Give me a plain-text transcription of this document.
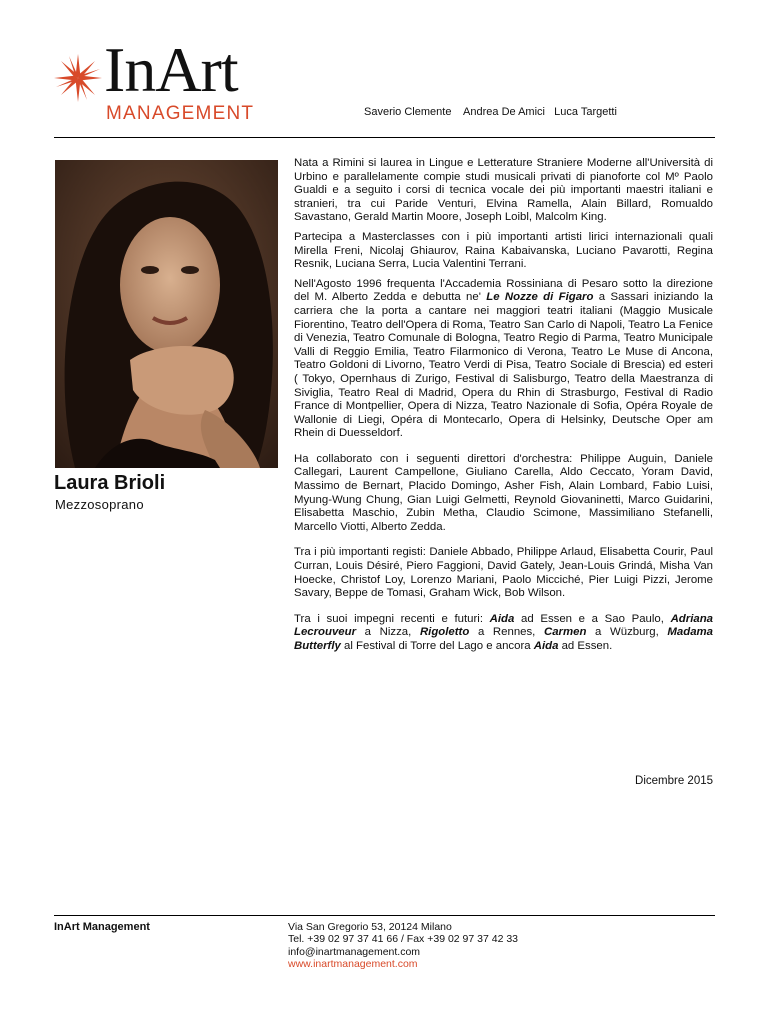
InArt
MANAGEMENT	Saverio Clemente    Andrea De Amici   Luca Targetti
Laura Brioli
Mezzosoprano

Nata a Rimini si laurea in Lingue e Letterature Straniere Moderne all'Università di Urbino e parallelamente compie studi musicali privati di pianoforte col Mº Paolo Gualdi e a seguito i corsi di tecnica vocale dei più importanti maestri italiani e stranieri, tra cui Paride Venturi, Elvina Ramella, Alain Billard, Romualdo Savastano, Gerald Martin Moore, Joseph Loibl, Malcolm King.

Partecipa a Masterclasses con i più importanti artisti lirici internazionali quali Mirella Freni, Nicolaj Ghiaurov, Raina Kabaivanska, Luciano Pavarotti, Regina Resnik, Luciana Serra, Lucia Valentini Terrani.

Nell'Agosto 1996 frequenta l'Accademia Rossiniana di Pesaro sotto la direzione del M. Alberto Zedda e debutta ne' Le Nozze di Figaro a Sassari iniziando la carriera che la porta a cantare nei maggiori teatri italiani (Maggio Musicale Fiorentino, Teatro dell'Opera di Roma, Teatro San Carlo di Napoli, Teatro La Fenice di Venezia, Teatro Comunale di Bologna, Teatro Regio di Parma, Teatro Municipale Valli di Reggio Emilia, Teatro Filarmonico di Verona, Teatro Le Muse di Ancona, Teatro Goldoni di Livorno, Teatro Verdi di Pisa, Teatro Sociale di Brescia) ed esteri ( Tokyo, Opernhaus di Zurigo, Festival di Salisburgo, Teatro della Maestranza di Siviglia, Teatro Real di Madrid, Opera du Rhin di Strasburgo, Festival di Radio France di Montpellier, Opera di Nizza, Teatro Nazionale di Sofia, Opéra Royale de Wallonie di Liegi, Opéra di Montecarlo, Opera di Helsinky, Deutsche Oper am Rhein di Duesseldorf.

Ha collaborato con i seguenti direttori d'orchestra: Philippe Auguin, Daniele Callegari, Laurent Campellone, Giuliano Carella, Aldo Ceccato, Yoram David, Massimo de Bernart, Placido Domingo, Asher Fish, Alain Lombard, Fabio Luisi, Myung-Wung Chung, Gian Luigi Gelmetti, Reynold Giovaninetti, Marco Guidarini, Elisabetta Maschio, Zubin Metha, Claudio Scimone, Massimiliano Stefanelli, Marcello Viotti, Alberto Zedda.

Tra i più importanti registi: Daniele Abbado, Philippe Arlaud, Elisabetta Courir, Paul Curran, Louis Désiré, Piero Faggioni, David Gately, Jean-Louis Grindá, Misha Van Hoecke, Christof Loy, Lorenzo Mariani, Paolo Micciché, Pier Luigi Pizzi, Jerome Savary, Beppe de Tomasi, Graham Wick, Bob Wilson.

Tra i suoi impegni recenti e futuri: Aida ad Essen e a Sao Paulo, Adriana Lecrouveur a Nizza, Rigoletto a Rennes, Carmen a Wüzburg, Madama Butterfly al Festival di Torre del Lago e ancora Aida ad Essen.

Dicembre 2015
InArt Management	Via San Gregorio 53, 20124 Milano
Tel. +39 02 97 37 41 66 / Fax +39 02 97 37 42 33
info@inartmanagement.com
www.inartmanagement.com
